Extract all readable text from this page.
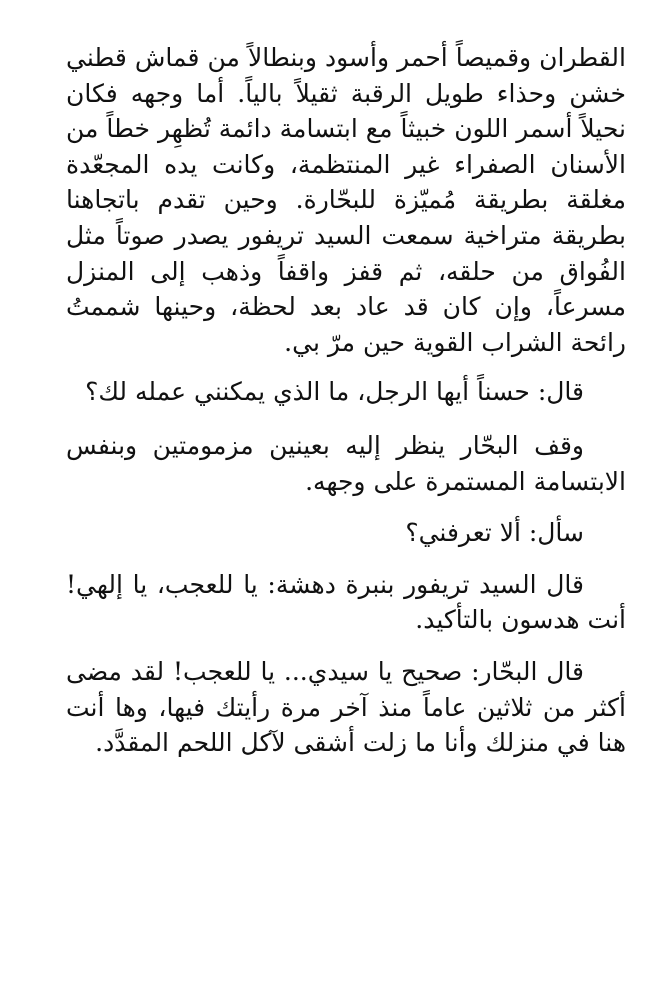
القطران وقميصاً أحمر وأسود وبنطالاً من قماش قطني خشن وحذاء طويل الرقبة ثقيلاً بالياً. أما وجهه فكان نحيلاً أسمر اللون خبيثاً مع ابتسامة دائمة تُظهِر خطاً من الأسنان الصفراء غير المنتظمة، وكانت يده المجعّدة مغلقة بطريقة مُميّزة للبحّارة. وحين تقدم باتجاهنا بطريقة متراخية سمعت السيد تريفور يصدر صوتاً مثل الفُواق من حلقه، ثم قفز واقفاً وذهب إلى المنزل مسرعاً، وإن كان قد عاد بعد لحظة، وحينها شممتُ رائحة الشراب القوية حين مرّ بي.

قال: حسناً أيها الرجل، ما الذي يمكنني عمله لك؟

وقف البحّار ينظر إليه بعينين مزمومتين وبنفس الابتسامة المستمرة على وجهه.

سأل: ألا تعرفني؟

قال السيد تريفور بنبرة دهشة: يا للعجب، يا إلهي! أنت هدسون بالتأكيد.

قال البحّار: صحيح يا سيدي... يا للعجب! لقد مضى أكثر من ثلاثين عاماً منذ آخر مرة رأيتك فيها، وها أنت هنا في منزلك وأنا ما زلت أشقى لآكل اللحم المقدَّد.
